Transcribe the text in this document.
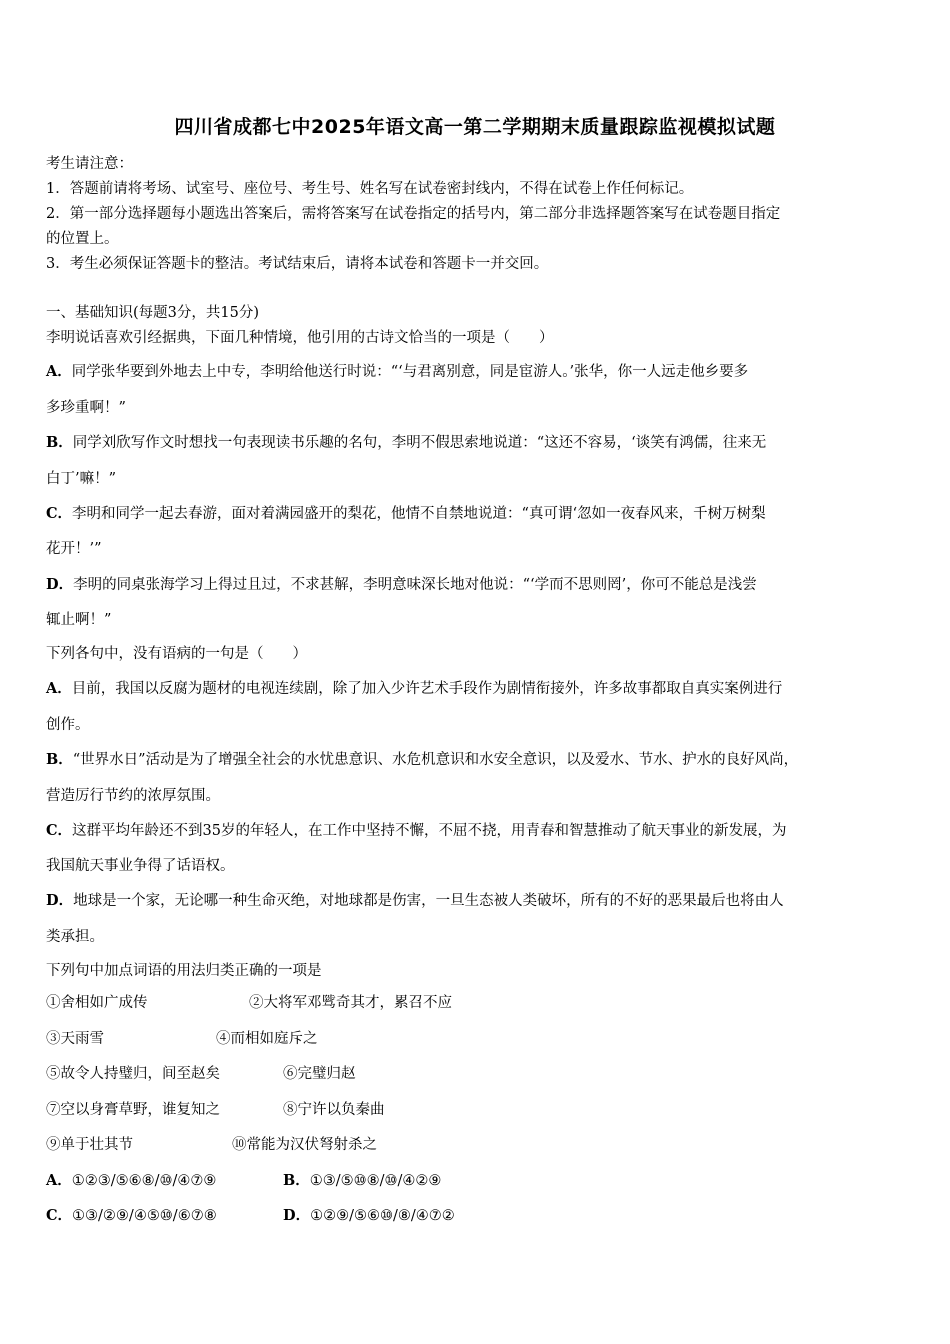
四川省成都七中2025年语文高一第二学期期末质量跟踪监视模拟试题
考生请注意：
1．答题前请将考场、试室号、座位号、考生号、姓名写在试卷密封线内，不得在试卷上作任何标记。
2．第一部分选择题每小题选出答案后，需将答案写在试卷指定的括号内，第二部分非选择题答案写在试卷题目指定
的位置上。
3．考生必须保证答题卡的整洁。考试结束后，请将本试卷和答题卡一并交回。
一、基础知识(每题3分，共15分)
李明说话喜欢引经据典，下面几种情境，他引用的古诗文恰当的一项是（　　）
A．同学张华要到外地去上中专，李明给他送行时说：“‘与君离别意，同是宦游人。’张华，你一人远走他乡要多
多珍重啊！”
B．同学刘欣写作文时想找一句表现读书乐趣的名句，李明不假思索地说道：“这还不容易，‘谈笑有鸿儒，往来无
白丁’嘛！”
C．李明和同学一起去春游，面对着满园盛开的梨花，他情不自禁地说道：“真可谓‘忽如一夜春风来，千树万树梨
花开！’”
D．李明的同桌张海学习上得过且过，不求甚解，李明意味深长地对他说：“‘学而不思则罔’，你可不能总是浅尝
辄止啊！”
下列各句中，没有语病的一句是（　　）
A．目前，我国以反腐为题材的电视连续剧，除了加入少许艺术手段作为剧情衔接外，许多故事都取自真实案例进行
创作。
B．“世界水日”活动是为了增强全社会的水忧患意识、水危机意识和水安全意识，以及爱水、节水、护水的良好风尚，
营造厉行节约的浓厚氛围。
C．这群平均年龄还不到35岁的年轻人，在工作中坚持不懈，不屈不挠，用青春和智慧推动了航天事业的新发展，为
我国航天事业争得了话语权。
D．地球是一个家，无论哪一种生命灭绝，对地球都是伤害，一旦生态被人类破坏，所有的不好的恶果最后也将由人
类承担。
下列句中加点词语的用法归类正确的一项是
①舍相如广成传	②大将军邓骘奇其才，累召不应
③天雨雪	④而相如庭斥之
⑤故令人持璧归，间至赵矣	⑥完璧归赵
⑦空以身膏草野，谁复知之	⑧宁许以负秦曲
⑨单于壮其节	⑩常能为汉伏弩射杀之
A．①②③/⑤⑥⑧/⑩/④⑦⑨	B．①③/⑤⑩⑧/⑩/④②⑨
C．①③/②⑨/④⑤⑩/⑥⑦⑧	D．①②⑨/⑤⑥⑩/⑧/④⑦②
